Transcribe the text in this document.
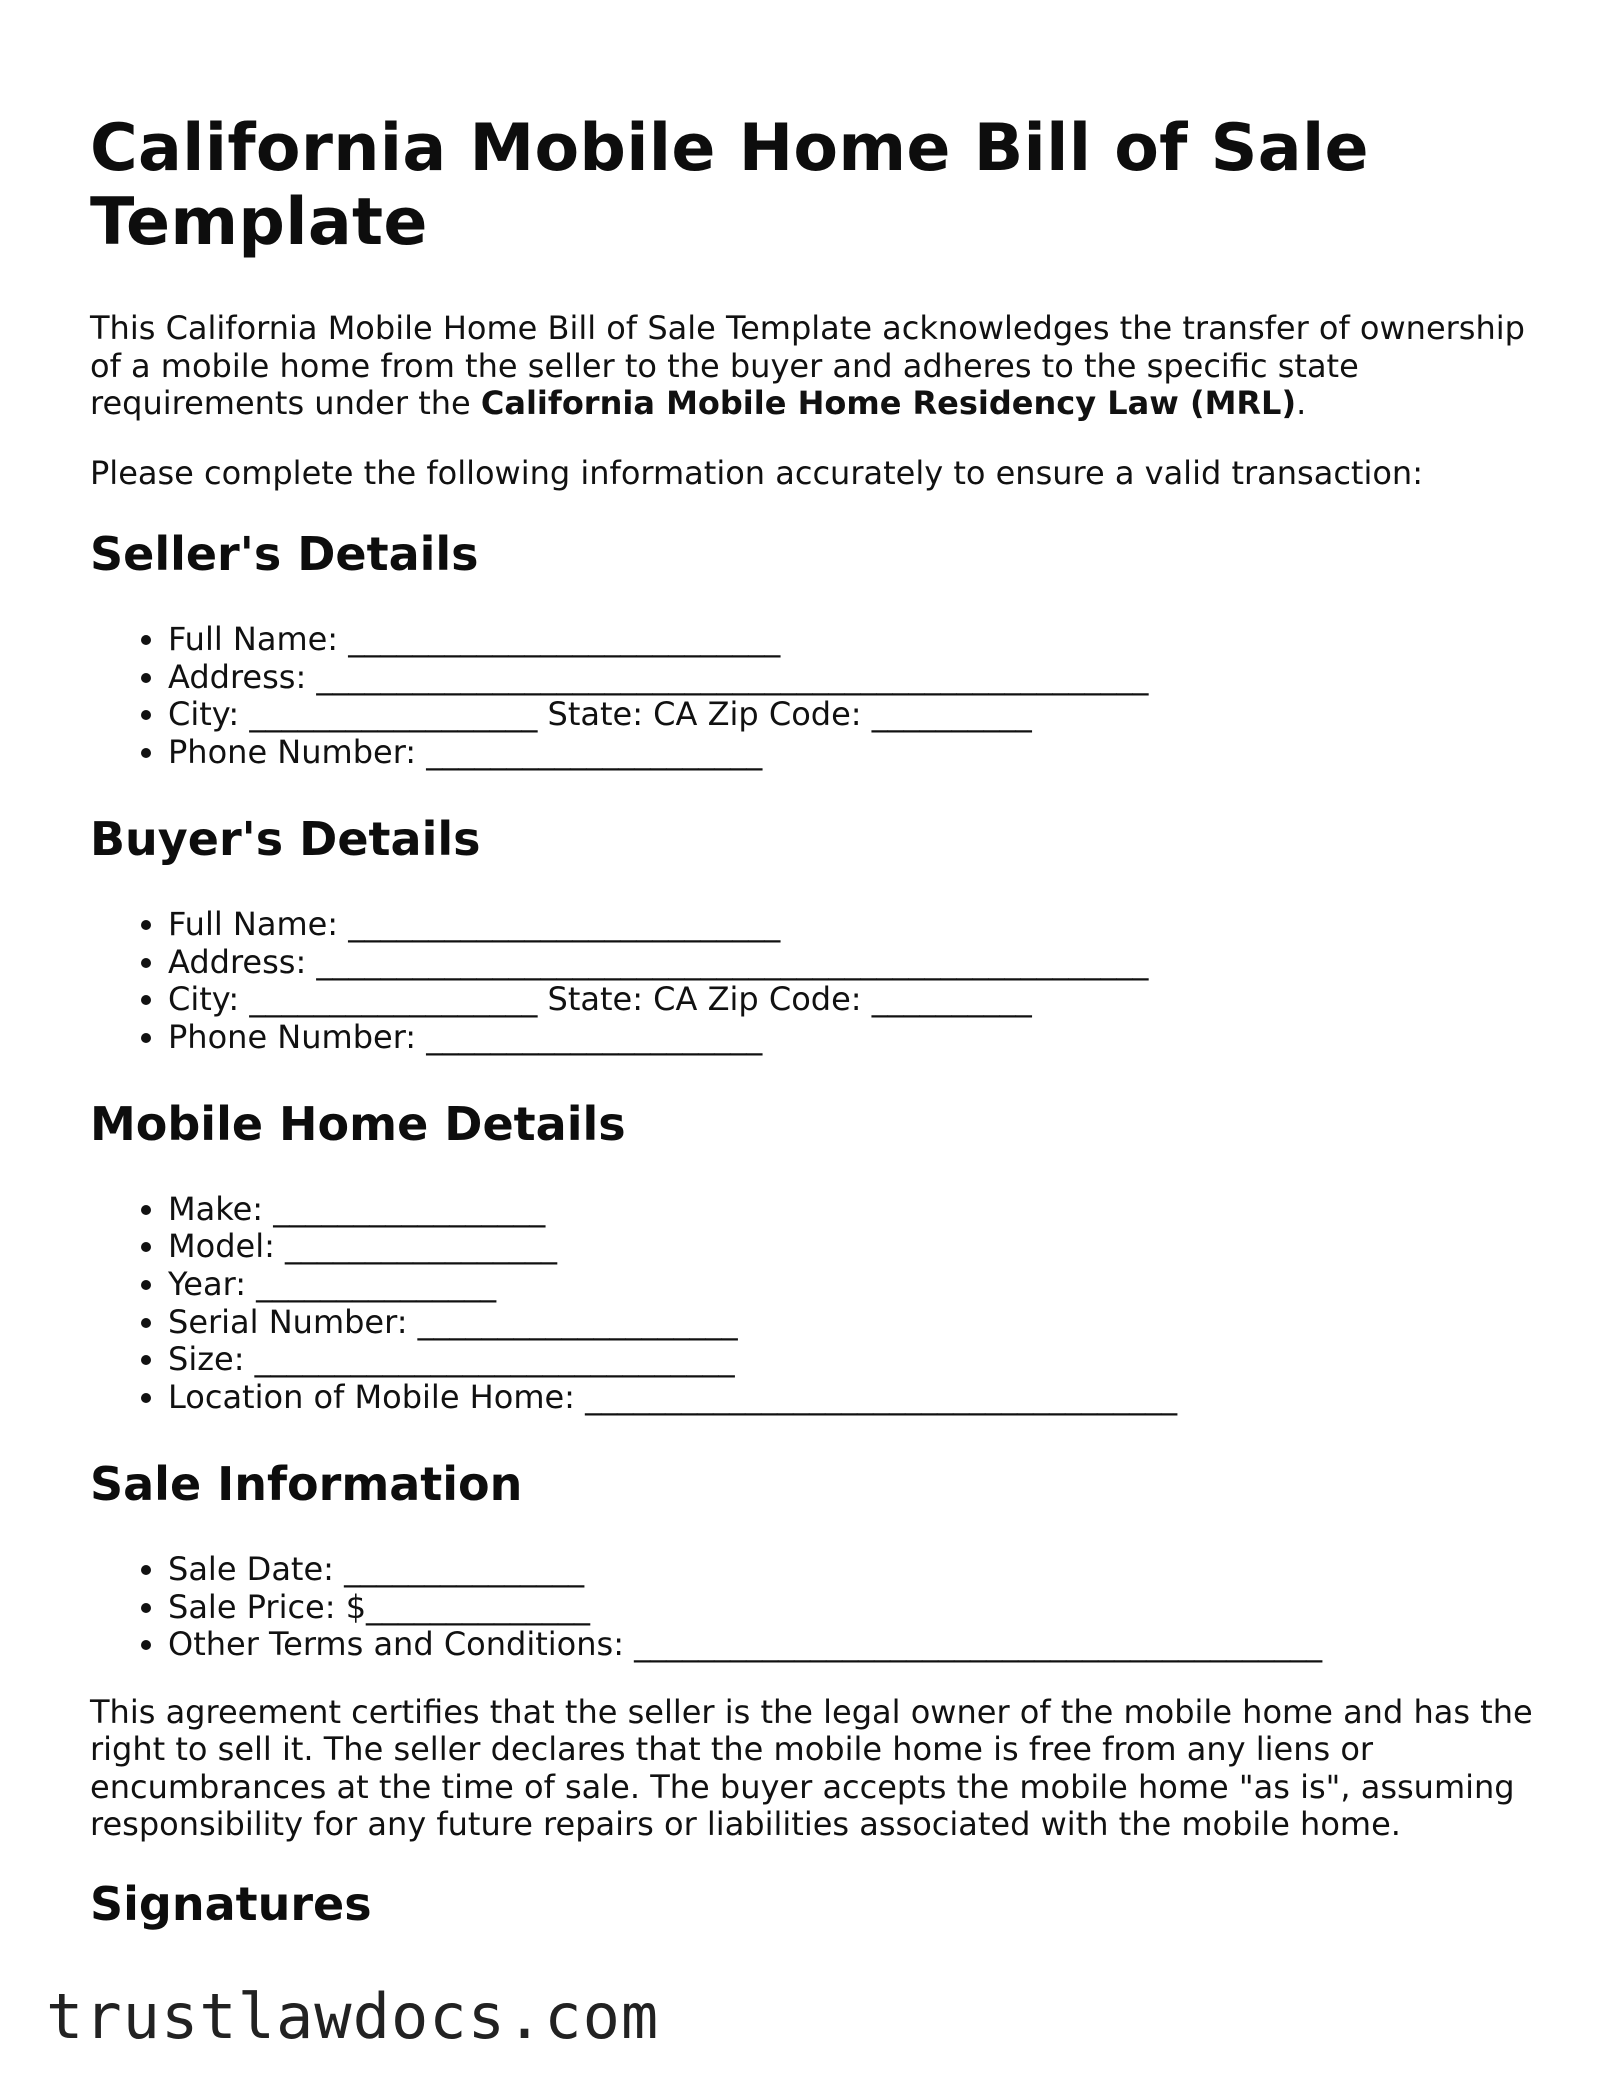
California Mobile Home Bill of Sale Template

This California Mobile Home Bill of Sale Template acknowledges the transfer of ownership of a mobile home from the seller to the buyer and adheres to the specific state requirements under the California Mobile Home Residency Law (MRL).

Please complete the following information accurately to ensure a valid transaction:

Seller's Details
• Full Name: ___________________________
• Address: ____________________________________________________
• City: __________________ State: CA Zip Code: __________
• Phone Number: _____________________
Buyer's Details
• Full Name: ___________________________
• Address: ____________________________________________________
• City: __________________ State: CA Zip Code: __________
• Phone Number: _____________________
Mobile Home Details
• Make: _________________
• Model: _________________
• Year: _______________
• Serial Number: ____________________
• Size: ______________________________
• Location of Mobile Home: _____________________________________
Sale Information
• Sale Date: _______________
• Sale Price: $______________
• Other Terms and Conditions: ___________________________________________

This agreement certifies that the seller is the legal owner of the mobile home and has the right to sell it. The seller declares that the mobile home is free from any liens or encumbrances at the time of sale. The buyer accepts the mobile home "as is", assuming responsibility for any future repairs or liabilities associated with the mobile home.

Signatures
trustlawdocs.com
